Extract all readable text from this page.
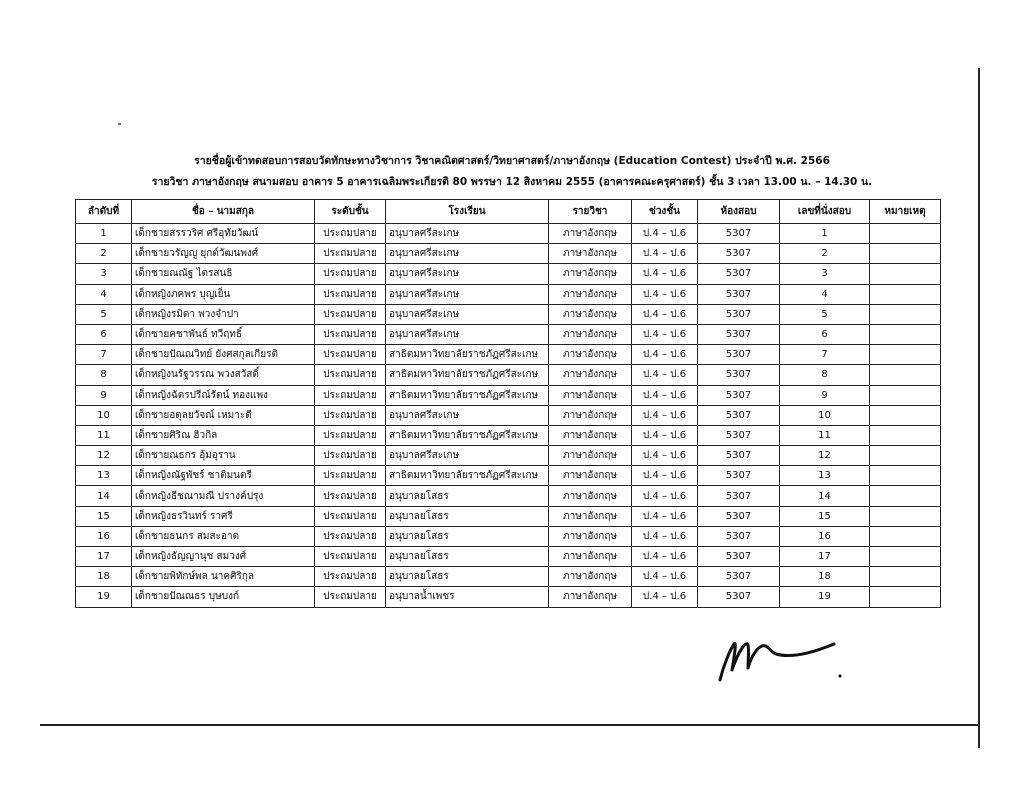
รายชื่อผู้เข้าทดสอบการสอบวัดทักษะทางวิชาการ วิชาคณิตศาสตร์/วิทยาศาสตร์/ภาษาอังกฤษ (Education Contest) ประจำปี พ.ศ. 2566
รายวิชา ภาษาอังกฤษ สนามสอบ อาคาร 5 อาคารเฉลิมพระเกียรติ 80 พรรษา 12 สิงหาคม 2555 (อาคารคณะครุศาสตร์) ชั้น 3 เวลา 13.00 น. – 14.30 น.
ลำดับที่	ชื่อ – นามสกุล	ระดับชั้น	โรงเรียน	รายวิชา	ช่วงชั้น	ห้องสอบ	เลขที่นั่งสอบ	หมายเหตุ
1	เด็กชายสรรวริศ ศรีอุทัยวัฒน์	ประถมปลาย	อนุบาลศรีสะเกษ	ภาษาอังกฤษ	ป.4 – ป.6	5307	1	
2	เด็กชายวรัญญู ยุกต์วัฒนพงศ์	ประถมปลาย	อนุบาลศรีสะเกษ	ภาษาอังกฤษ	ป.4 – ป.6	5307	2	
3	เด็กชายณณัฐ ไตรสนธิ	ประถมปลาย	อนุบาลศรีสะเกษ	ภาษาอังกฤษ	ป.4 – ป.6	5307	3	
4	เด็กหญิงภคพร บุญเย็น	ประถมปลาย	อนุบาลศรีสะเกษ	ภาษาอังกฤษ	ป.4 – ป.6	5307	4	
5	เด็กหญิงรมิดา พวงจำปา	ประถมปลาย	อนุบาลศรีสะเกษ	ภาษาอังกฤษ	ป.4 – ป.6	5307	5	
6	เด็กชายคชาพันธ์ ทวีฤทธิ์	ประถมปลาย	อนุบาลศรีสะเกษ	ภาษาอังกฤษ	ป.4 – ป.6	5307	6	
7	เด็กชายปัณณวิทย์ ยังศสกุลเกียรติ	ประถมปลาย	สาธิตมหาวิทยาลัยราชภัฏศรีสะเกษ	ภาษาอังกฤษ	ป.4 – ป.6	5307	7	
8	เด็กหญิงนรัฐวรรณ พวงสวัสดิ์	ประถมปลาย	สาธิตมหาวิทยาลัยราชภัฏศรีสะเกษ	ภาษาอังกฤษ	ป.4 – ป.6	5307	8	
9	เด็กหญิงฉัตรปรีณ์รัตน์ ทองแพง	ประถมปลาย	สาธิตมหาวิทยาลัยราชภัฏศรีสะเกษ	ภาษาอังกฤษ	ป.4 – ป.6	5307	9	
10	เด็กชายอตุลยวัจณ์ เหมาะดี	ประถมปลาย	อนุบาลศรีสะเกษ	ภาษาอังกฤษ	ป.4 – ป.6	5307	10	
11	เด็กชายศิริณ ฮิวกิล	ประถมปลาย	สาธิตมหาวิทยาลัยราชภัฏศรีสะเกษ	ภาษาอังกฤษ	ป.4 – ป.6	5307	11	
12	เด็กชายณธกร อุ้มอุราน	ประถมปลาย	อนุบาลศรีสะเกษ	ภาษาอังกฤษ	ป.4 – ป.6	5307	12	
13	เด็กหญิงณัฐพัชร์ ชาติมนตรี	ประถมปลาย	สาธิตมหาวิทยาลัยราชภัฏศรีสะเกษ	ภาษาอังกฤษ	ป.4 – ป.6	5307	13	
14	เด็กหญิงธีชณามณี ปรางค์ปรุง	ประถมปลาย	อนุบาลยโสธร	ภาษาอังกฤษ	ป.4 – ป.6	5307	14	
15	เด็กหญิงธรวินทร์ ราศรี	ประถมปลาย	อนุบาลยโสธร	ภาษาอังกฤษ	ป.4 – ป.6	5307	15	
16	เด็กชายธนกร สมสะอาด	ประถมปลาย	อนุบาลยโสธร	ภาษาอังกฤษ	ป.4 – ป.6	5307	16	
17	เด็กหญิงธัญญานุช สมวงศ์	ประถมปลาย	อนุบาลยโสธร	ภาษาอังกฤษ	ป.4 – ป.6	5307	17	
18	เด็กชายพิทักษ์พล นาคศิริกุล	ประถมปลาย	อนุบาลยโสธร	ภาษาอังกฤษ	ป.4 – ป.6	5307	18	
19	เด็กชายปัณณธร บุษบงก์	ประถมปลาย	อนุบาลน้ำเพชร	ภาษาอังกฤษ	ป.4 – ป.6	5307	19	
